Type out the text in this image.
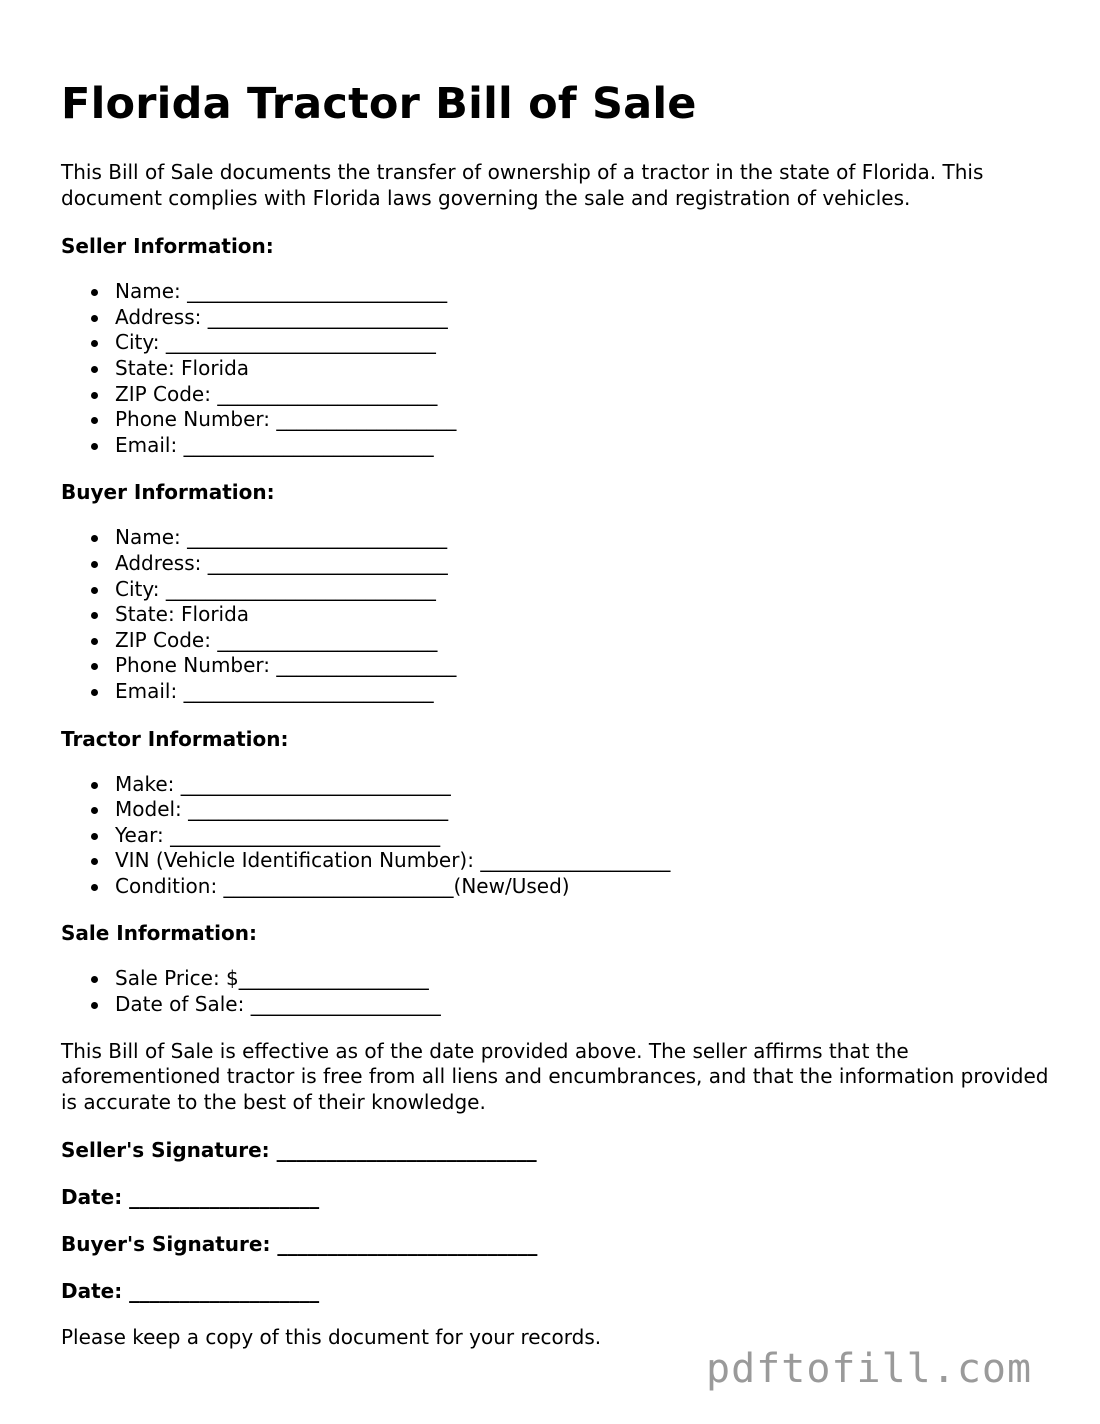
Florida Tractor Bill of Sale

This Bill of Sale documents the transfer of ownership of a tractor in the state of Florida. This document complies with Florida laws governing the sale and registration of vehicles.

Seller Information:
Name: __________________________
Address: ________________________
City: ___________________________
State: Florida
ZIP Code: ______________________
Phone Number: __________________
Email: _________________________
Buyer Information:
Name: __________________________
Address: ________________________
City: ___________________________
State: Florida
ZIP Code: ______________________
Phone Number: __________________
Email: _________________________
Tractor Information:
Make: ___________________________
Model: __________________________
Year: ___________________________
VIN (Vehicle Identification Number): ___________________
Condition: _______________________(New/Used)
Sale Information:
Sale Price: $___________________
Date of Sale: ___________________

This Bill of Sale is effective as of the date provided above. The seller affirms that the aforementioned tractor is free from all liens and encumbrances, and that the information provided is accurate to the best of their knowledge.

Seller's Signature: __________________________
Date: ___________________
Buyer's Signature: __________________________
Date: ___________________

Please keep a copy of this document for your records.

pdftofill.com
